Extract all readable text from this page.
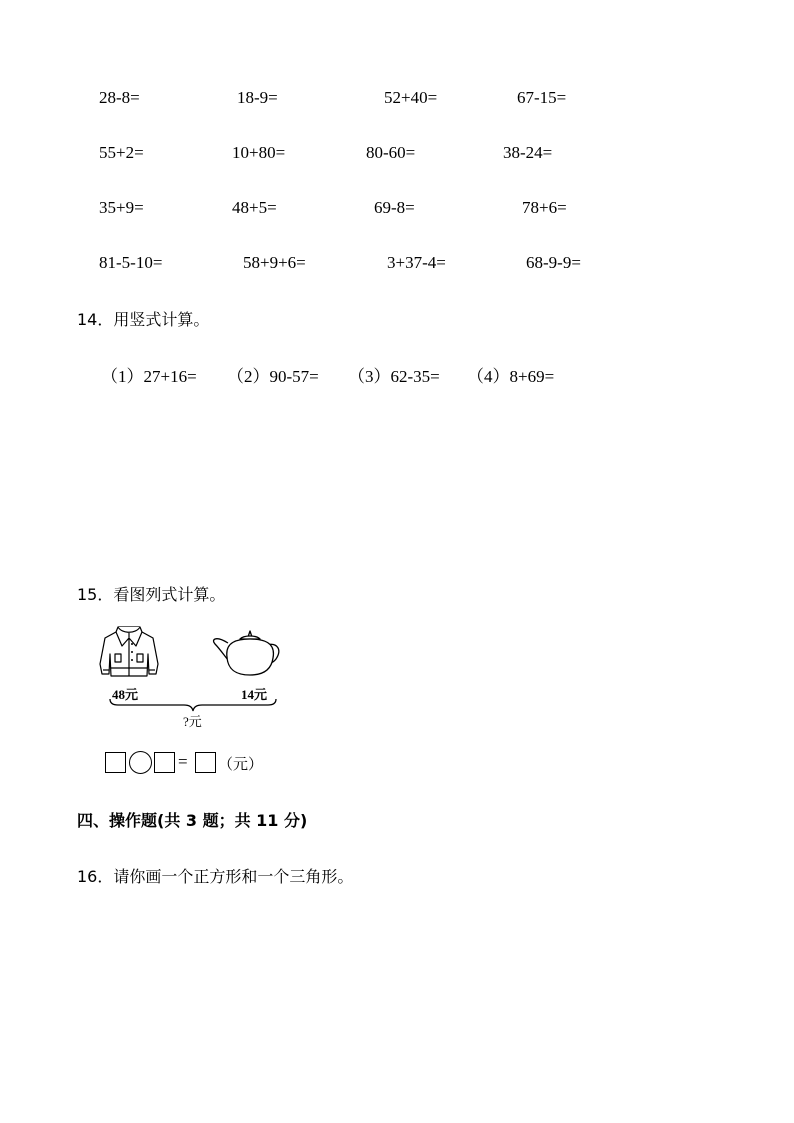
28-8=	18-9=	52+40=	67-15=
55+2=	10+80=	80-60=	38-24=
35+9=	48+5=	69-8=	78+6=
81-5-10=	58+9+6=	3+37-4=	68-9-9=
14．用竖式计算。
（1）27+16= （2）90-57= （3）62-35= （4）8+69=
15．看图列式计算。
48元	14元
?元
= （元）
四、操作题(共 3 题；共 11 分)
16．请你画一个正方形和一个三角形。
